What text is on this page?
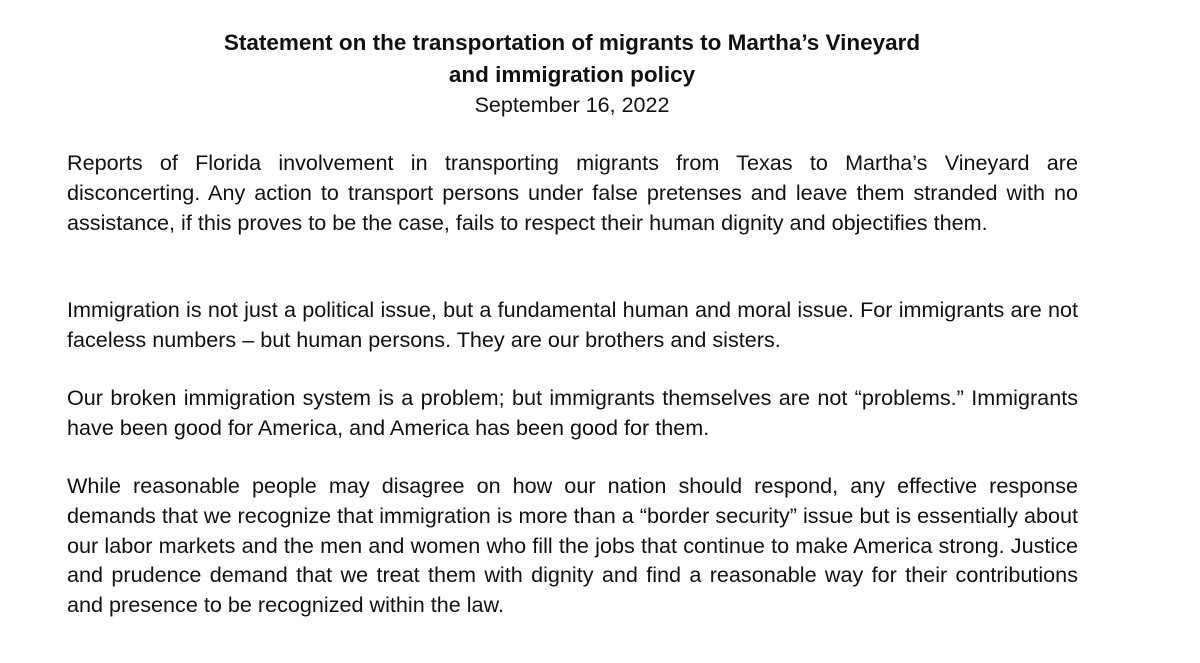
Statement on the transportation of migrants to Martha’s Vineyard
and immigration policy

September 16, 2022

Reports of Florida involvement in transporting migrants from Texas to Martha’s Vineyard are disconcerting. Any action to transport persons under false pretenses and leave them stranded with no assistance, if this proves to be the case, fails to respect their human dignity and objectifies them.

Immigration is not just a political issue, but a fundamental human and moral issue. For immigrants are not faceless numbers – but human persons. They are our brothers and sisters.

Our broken immigration system is a problem; but immigrants themselves are not “problems.” Immigrants have been good for America, and America has been good for them.

While reasonable people may disagree on how our nation should respond, any effective response demands that we recognize that immigration is more than a “border security” issue but is essentially about our labor markets and the men and women who fill the jobs that continue to make America strong. Justice and prudence demand that we treat them with dignity and find a reasonable way for their contributions and presence to be recognized within the law.
